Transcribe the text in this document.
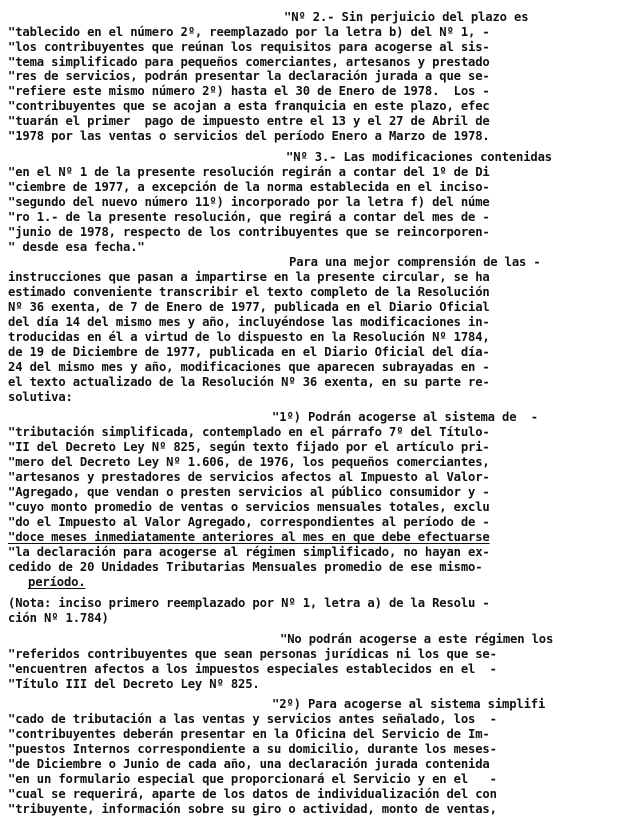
"Nº 2.- Sin perjuicio del plazo es
"tablecido en el número 2º, reemplazado por la letra b) del Nº 1, -
"los contribuyentes que reúnan los requisitos para acogerse al sis-
"tema simplificado para pequeños comerciantes, artesanos y prestado
"res de servicios, podrán presentar la declaración jurada a que se-
"refiere este mismo número 2º) hasta el 30 de Enero de 1978.  Los -
"contribuyentes que se acojan a esta franquicia en este plazo, efec
"tuarán el primer  pago de impuesto entre el 13 y el 27 de Abril de
"1978 por las ventas o servicios del período Enero a Marzo de 1978.
"Nº 3.- Las modificaciones contenidas
"en el Nº 1 de la presente resolución regirán a contar del 1º de Di
"ciembre de 1977, a excepción de la norma establecida en el inciso-
"segundo del nuevo número 11º) incorporado por la letra f) del núme
"ro 1.- de la presente resolución, que regirá a contar del mes de -
"junio de 1978, respecto de los contribuyentes que se reincorporen-
" desde esa fecha."
Para una mejor comprensión de las -
instrucciones que pasan a impartirse en la presente circular, se ha
estimado conveniente transcribir el texto completo de la Resolución
Nº 36 exenta, de 7 de Enero de 1977, publicada en el Diario Oficial
del día 14 del mismo mes y año, incluyéndose las modificaciones in-
troducidas en él a virtud de lo dispuesto en la Resolución Nº 1784,
de 19 de Diciembre de 1977, publicada en el Diario Oficial del día-
24 del mismo mes y año, modificaciones que aparecen subrayadas en -
el texto actualizado de la Resolución Nº 36 exenta, en su parte re-
solutiva:
"1º) Podrán acogerse al sistema de  -
"tributación simplificada, contemplado en el párrafo 7º del Título-
"II del Decreto Ley Nº 825, según texto fijado por el artículo pri-
"mero del Decreto Ley Nº 1.606, de 1976, los pequeños comerciantes,
"artesanos y prestadores de servicios afectos al Impuesto al Valor-
"Agregado, que vendan o presten servicios al público consumidor y -
"cuyo monto promedio de ventas o servicios mensuales totales, exclu
"do el Impuesto al Valor Agregado, correspondientes al período de -
"doce meses inmediatamente anteriores al mes en que debe efectuarse
"la declaración para acogerse al régimen simplificado, no hayan ex-
cedido de 20 Unidades Tributarias Mensuales promedio de ese mismo-
período.
(Nota: inciso primero reemplazado por Nº 1, letra a) de la Resolu -
ción Nº 1.784)
"No podrán acogerse a este régimen los
"referidos contribuyentes que sean personas jurídicas ni los que se-
"encuentren afectos a los impuestos especiales establecidos en el  -
"Título III del Decreto Ley Nº 825.
"2º) Para acogerse al sistema simplifi
"cado de tributación a las ventas y servicios antes señalado, los  -
"contribuyentes deberán presentar en la Oficina del Servicio de Im-
"puestos Internos correspondiente a su domicilio, durante los meses-
"de Diciembre o Junio de cada año, una declaración jurada contenida
"en un formulario especial que proporcionará el Servicio y en el   -
"cual se requerirá, aparte de los datos de individualización del con
"tribuyente, información sobre su giro o actividad, monto de ventas,
